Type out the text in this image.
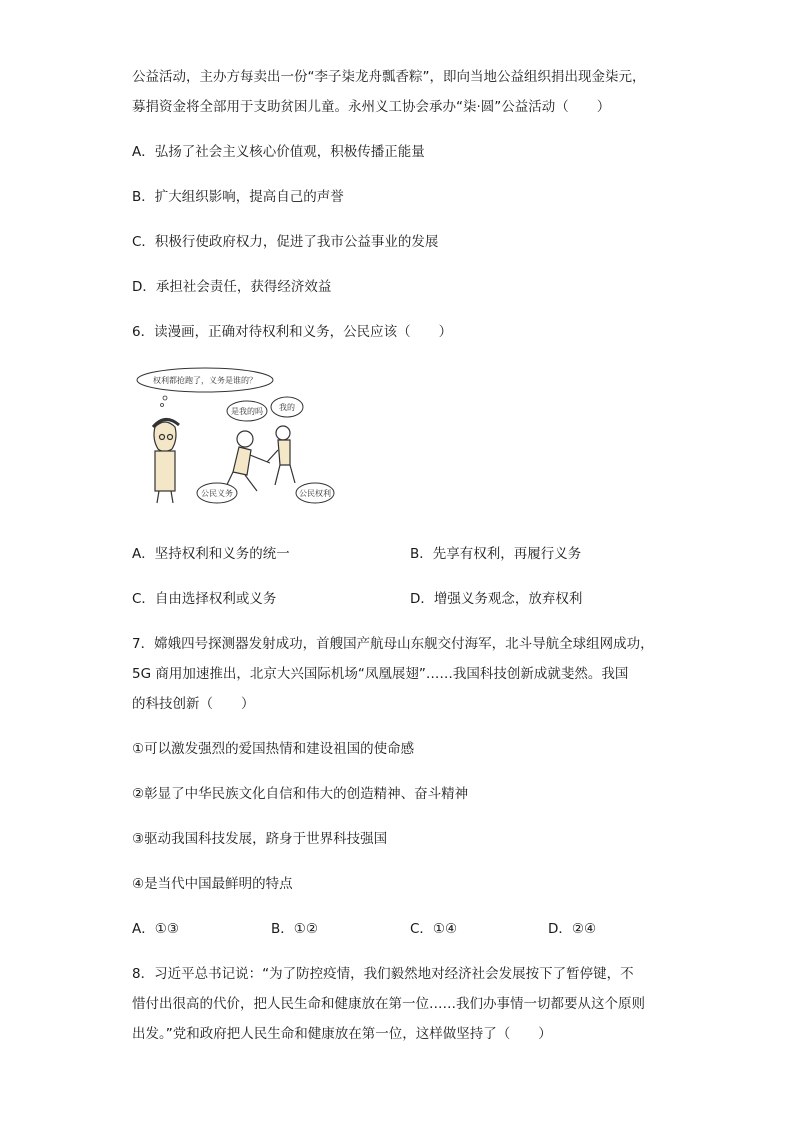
公益活动，主办方每卖出一份“李子柒龙舟瓢香粽”，即向当地公益组织捐出现金柒元，
募捐资金将全部用于支助贫困儿童。永州义工协会承办“柒·圆”公益活动（ ）
A．弘扬了社会主义核心价值观，积极传播正能量
B．扩大组织影响，提高自己的声誉
C．积极行使政府权力，促进了我市公益事业的发展
D．承担社会责任，获得经济效益
6．读漫画，正确对待权利和义务，公民应该（ ）
权利都抢跑了，义务是谁的？
是我的吗 我的
公民义务	公民权利
A．坚持权利和义务的统一	B．先享有权利，再履行义务
C．自由选择权利或义务	D．增强义务观念，放弃权利
7．嫦娥四号探测器发射成功，首艘国产航母山东舰交付海军，北斗导航全球组网成功，
5G 商用加速推出，北京大兴国际机场“凤凰展翅”……我国科技创新成就斐然。我国
的科技创新（ ）
①可以激发强烈的爱国热情和建设祖国的使命感
②彰显了中华民族文化自信和伟大的创造精神、奋斗精神
③驱动我国科技发展，跻身于世界科技强国
④是当代中国最鲜明的特点
A．①③	B．①②	C．①④	D．②④
8．习近平总书记说：“为了防控疫情，我们毅然地对经济社会发展按下了暂停键，不
惜付出很高的代价，把人民生命和健康放在第一位……我们办事情一切都要从这个原则
出发。”党和政府把人民生命和健康放在第一位，这样做坚持了（ ）
